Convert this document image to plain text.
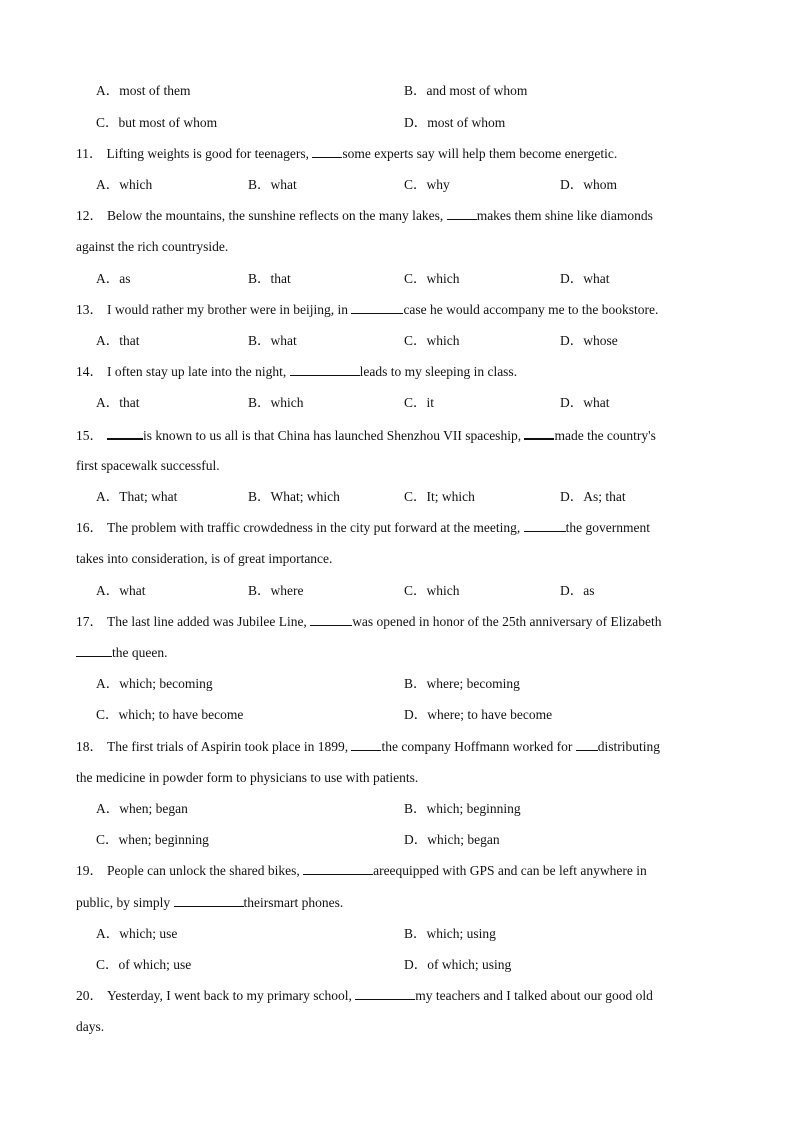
A．most of them	B．and most of whom
C．but most of whom	D．most of whom
11． Lifting weights is good for teenagers, some experts say will help them become energetic.
A．which	B．what	C．why	D．whom
12． Below the mountains, the sunshine reflects on the many lakes, makes them shine like diamonds
against the rich countryside.
A．as	B．that	C．which	D．what
13． I would rather my brother were in beijing, in	case he would accompany me to the bookstore.
A．that	B．what	C．which	D．whose
14． I often stay up late into the night,	leads to my sleeping in class.
A．that	B．which	C．it	D．what
15．	is known to us all is that China has launched Shenzhou VII spaceship, made the country's
first spacewalk successful.
A．That; what	B．What; which	C．It; which	D．As; that
16． The problem with traffic crowdedness in the city put forward at the meeting,	the government
takes into consideration, is of great importance.
A．what	B．where	C．which	D．as
17． The last line added was Jubilee Line,	was opened in honor of the 25th anniversary of Elizabeth
the queen.
A．which; becoming	B．where; becoming
C．which; to have become	D．where; to have become
18． The first trials of Aspirin took place in 1899, the company Hoffmann worked for distributing
the medicine in powder form to physicians to use with patients.
A．when; began	B．which; beginning
C．when; beginning	D．which; began
19． People can unlock the shared bikes,	areequipped with GPS and can be left anywhere in
public, by simply	theirsmart phones.
A．which; use	B．which; using
C．of which; use	D．of which; using
20． Yesterday, I went back to my primary school,	my teachers and I talked about our good old
days.
